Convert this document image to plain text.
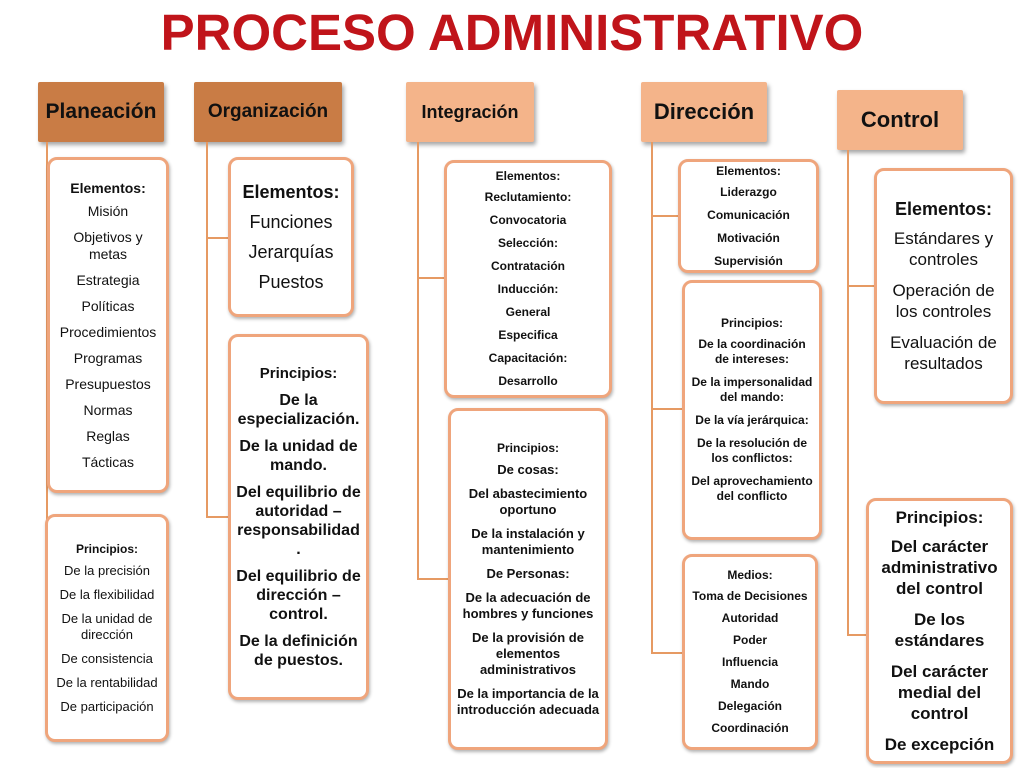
PROCESO ADMINISTRATIVO
Planeación
Elementos:
Misión
Objetivos y metas
Estrategia
Políticas
Procedimientos
Programas
Presupuestos
Normas
Reglas
Tácticas
Principios:
De la precisión
De la flexibilidad
De la unidad de dirección
De consistencia
De la rentabilidad
De participación
Organización
Elementos:
Funciones
Jerarquías
Puestos
Principios:
De la especialización.
De la unidad de mando.
Del equilibrio de autoridad – responsabilidad .
Del equilibrio de dirección – control.
De la definición de puestos.
Integración
Elementos:
Reclutamiento:
Convocatoria
Selección:
Contratación
Inducción:
General
Especifica
Capacitación:
Desarrollo
Principios:
De cosas:
Del abastecimiento oportuno
De la instalación y mantenimiento
De Personas:
De la adecuación de hombres y funciones
De la provisión de elementos administrativos
De la importancia de la introducción adecuada
Dirección
Elementos:
Liderazgo
Comunicación
Motivación
Supervisión
Principios:
De la coordinación de intereses:
De la impersonalidad del mando:
De la vía jerárquica:
De la resolución de los conflictos:
Del aprovechamiento del conflicto
Medios:
Toma de Decisiones
Autoridad
Poder
Influencia
Mando
Delegación
Coordinación
Control
Elementos:
Estándares y controles
Operación de los controles
Evaluación de resultados
Principios:
Del carácter administrativo del control
De los estándares
Del carácter medial del control
De excepción
